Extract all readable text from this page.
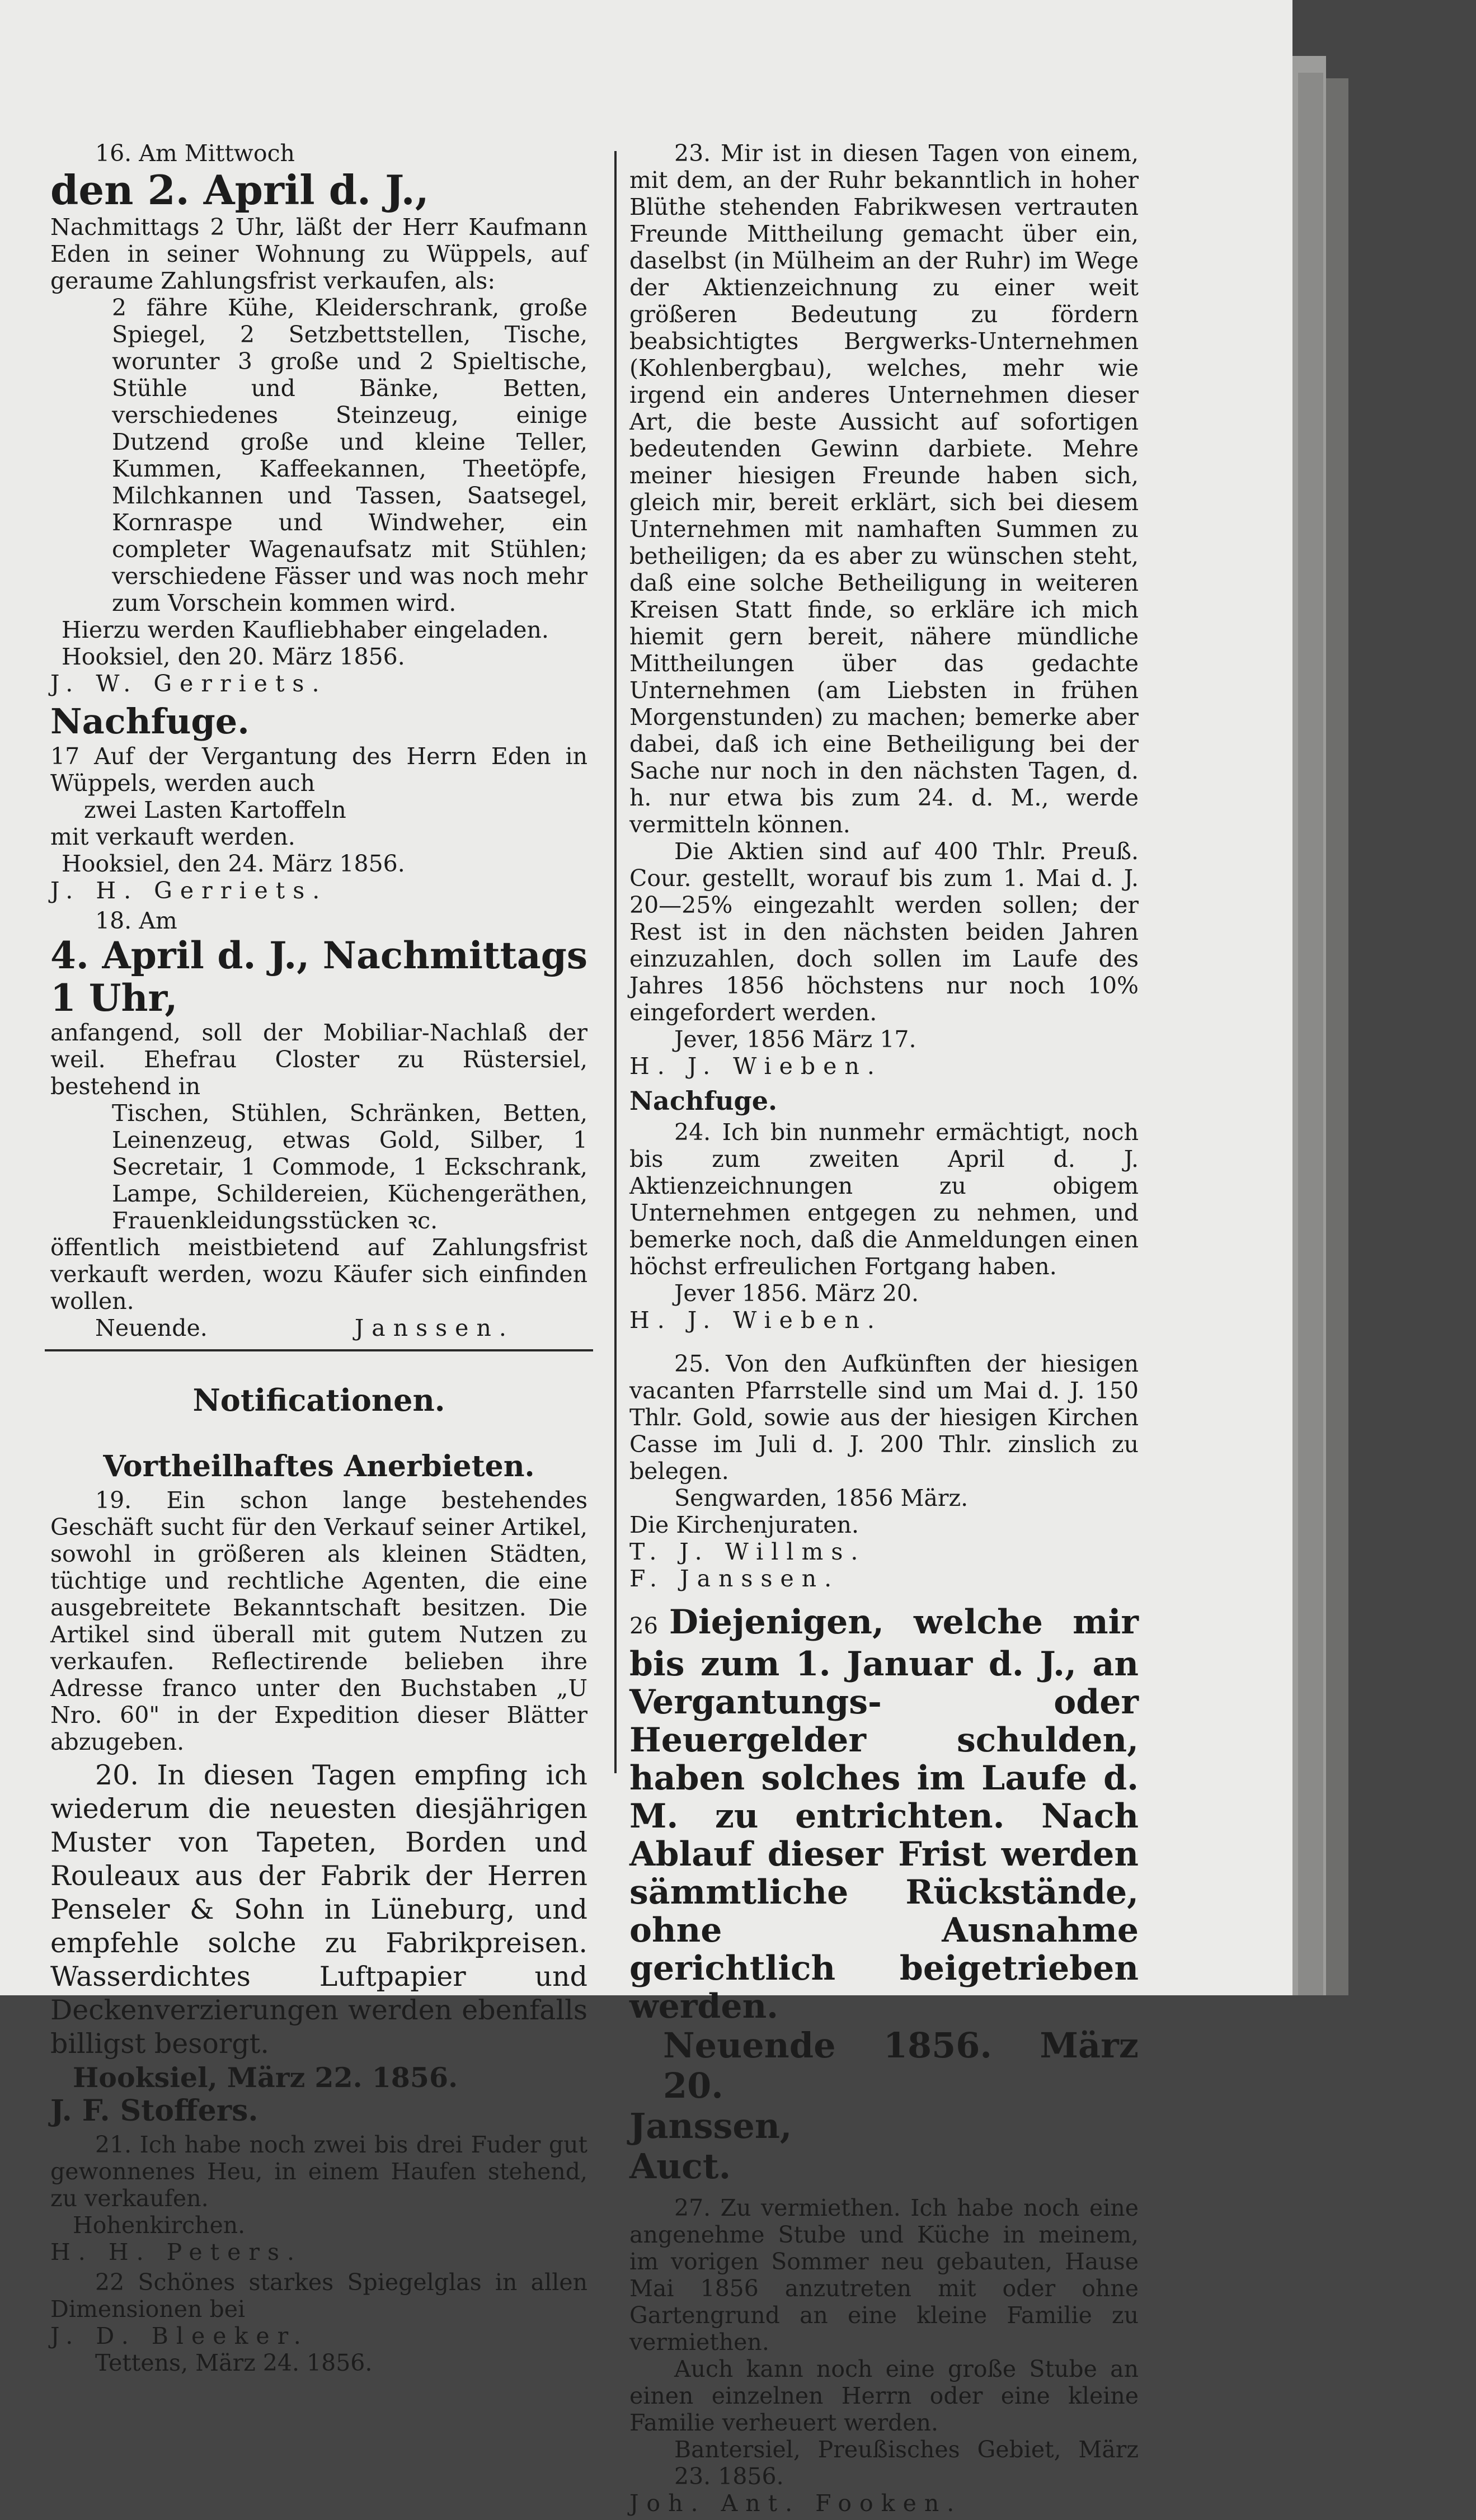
16. Am Mittwoch

den 2. April d. J.,

Nachmittags 2 Uhr, läßt der Herr Kaufmann Eden in seiner Wohnung zu Wüppels, auf geraume Zahlungsfrist verkaufen, als:

2 fähre Kühe, Kleiderschrank, große Spiegel, 2 Setzbettstellen, Tische, worunter 3 große und 2 Spieltische, Stühle und Bänke, Betten, verschiedenes Steinzeug, einige Dutzend große und kleine Teller, Kummen, Kaffeekannen, Theetöpfe, Milchkannen und Tassen, Saatsegel, Kornraspe und Windweher, ein completer Wagenaufsatz mit Stühlen; verschiedene Fässer und was noch mehr zum Vorschein kommen wird.

Hierzu werden Kaufliebhaber eingeladen.

Hooksiel, den 20. März 1856.

J. W. Gerriets.

Nachfuge.

17 Auf der Vergantung des Herrn Eden in Wüppels, werden auch

zwei Lasten Kartoffeln

mit verkauft werden.

Hooksiel, den 24. März 1856.

J. H. Gerriets.

18. Am

4. April d. J., Nachmittags 1 Uhr,

anfangend, soll der Mobiliar-Nachlaß der weil. Ehefrau Closter zu Rüstersiel, bestehend in

Tischen, Stühlen, Schränken, Betten, Leinenzeug, etwas Gold, Silber, 1 Secretair, 1 Commode, 1 Eckschrank, Lampe, Schildereien, Küchengeräthen, Frauenkleidungsstücken ꝛc.

öffentlich meistbietend auf Zahlungsfrist verkauft werden, wozu Käufer sich einfinden wollen.

Neuende.	Janssen.

Notificationen.

Vortheilhaftes Anerbieten.

19. Ein schon lange bestehendes Geschäft sucht für den Verkauf seiner Artikel, sowohl in größeren als kleinen Städten, tüchtige und rechtliche Agenten, die eine ausgebreitete Bekanntschaft besitzen. Die Artikel sind überall mit gutem Nutzen zu verkaufen. Reflectirende belieben ihre Adresse franco unter den Buchstaben „U Nro. 60" in der Expedition dieser Blätter abzugeben.

20. In diesen Tagen empfing ich wiederum die neuesten diesjährigen Muster von Tapeten, Borden und Rouleaux aus der Fabrik der Herren Penseler & Sohn in Lüneburg, und empfehle solche zu Fabrikpreisen. Wasserdichtes Luftpapier und Deckenverzierungen werden ebenfalls billigst besorgt.

Hooksiel, März 22. 1856.

J. F. Stoffers.

21. Ich habe noch zwei bis drei Fuder gut gewonnenes Heu, in einem Haufen stehend, zu verkaufen.

Hohenkirchen.

H. H. Peters.

22 Schönes starkes Spiegelglas in allen Dimensionen bei

J. D. Bleeker.

Tettens, März 24. 1856.

23. Mir ist in diesen Tagen von einem, mit dem, an der Ruhr bekanntlich in hoher Blüthe stehenden Fabrikwesen vertrauten Freunde Mittheilung gemacht über ein, daselbst (in Mülheim an der Ruhr) im Wege der Aktienzeichnung zu einer weit größeren Bedeutung zu fördern beabsichtigtes Bergwerks-Unternehmen (Kohlenbergbau), welches, mehr wie irgend ein anderes Unternehmen dieser Art, die beste Aussicht auf sofortigen bedeutenden Gewinn darbiete. Mehre meiner hiesigen Freunde haben sich, gleich mir, bereit erklärt, sich bei diesem Unternehmen mit namhaften Summen zu betheiligen; da es aber zu wünschen steht, daß eine solche Betheiligung in weiteren Kreisen Statt finde, so erkläre ich mich hiemit gern bereit, nähere mündliche Mittheilungen über das gedachte Unternehmen (am Liebsten in frühen Morgenstunden) zu machen; bemerke aber dabei, daß ich eine Betheiligung bei der Sache nur noch in den nächsten Tagen, d. h. nur etwa bis zum 24. d. M., werde vermitteln können.

Die Aktien sind auf 400 Thlr. Preuß. Cour. gestellt, worauf bis zum 1. Mai d. J. 20—25% eingezahlt werden sollen; der Rest ist in den nächsten beiden Jahren einzuzahlen, doch sollen im Laufe des Jahres 1856 höchstens nur noch 10% eingefordert werden.

Jever, 1856 März 17.

H. J. Wieben.

Nachfuge.

24. Ich bin nunmehr ermächtigt, noch bis zum zweiten April d. J. Aktienzeichnungen zu obigem Unternehmen entgegen zu nehmen, und bemerke noch, daß die Anmeldungen einen höchst erfreulichen Fortgang haben.

Jever 1856. März 20.

H. J. Wieben.

25. Von den Aufkünften der hiesigen vacanten Pfarrstelle sind um Mai d. J. 150 Thlr. Gold, sowie aus der hiesigen Kirchen Casse im Juli d. J. 200 Thlr. zinslich zu belegen.

Sengwarden, 1856 März.

Die Kirchenjuraten.

T. J. Willms.

F. Janssen.

26 Diejenigen, welche mir bis zum 1. Januar d. J., an Vergantungs- oder Heuergelder schulden, haben solches im Laufe d. M. zu entrichten. Nach Ablauf dieser Frist werden sämmtliche Rückstände, ohne Ausnahme gerichtlich beigetrieben werden.

Neuende 1856. März 20.

Janssen,

Auct.

27. Zu vermiethen. Ich habe noch eine angenehme Stube und Küche in meinem, im vorigen Sommer neu gebauten, Hause Mai 1856 anzutreten mit oder ohne Gartengrund an eine kleine Familie zu vermiethen.

Auch kann noch eine große Stube an einen einzelnen Herrn oder eine kleine Familie verheuert werden.

Bantersiel, Preußisches Gebiet, März 23. 1856.

Joh. Ant. Fooken.
